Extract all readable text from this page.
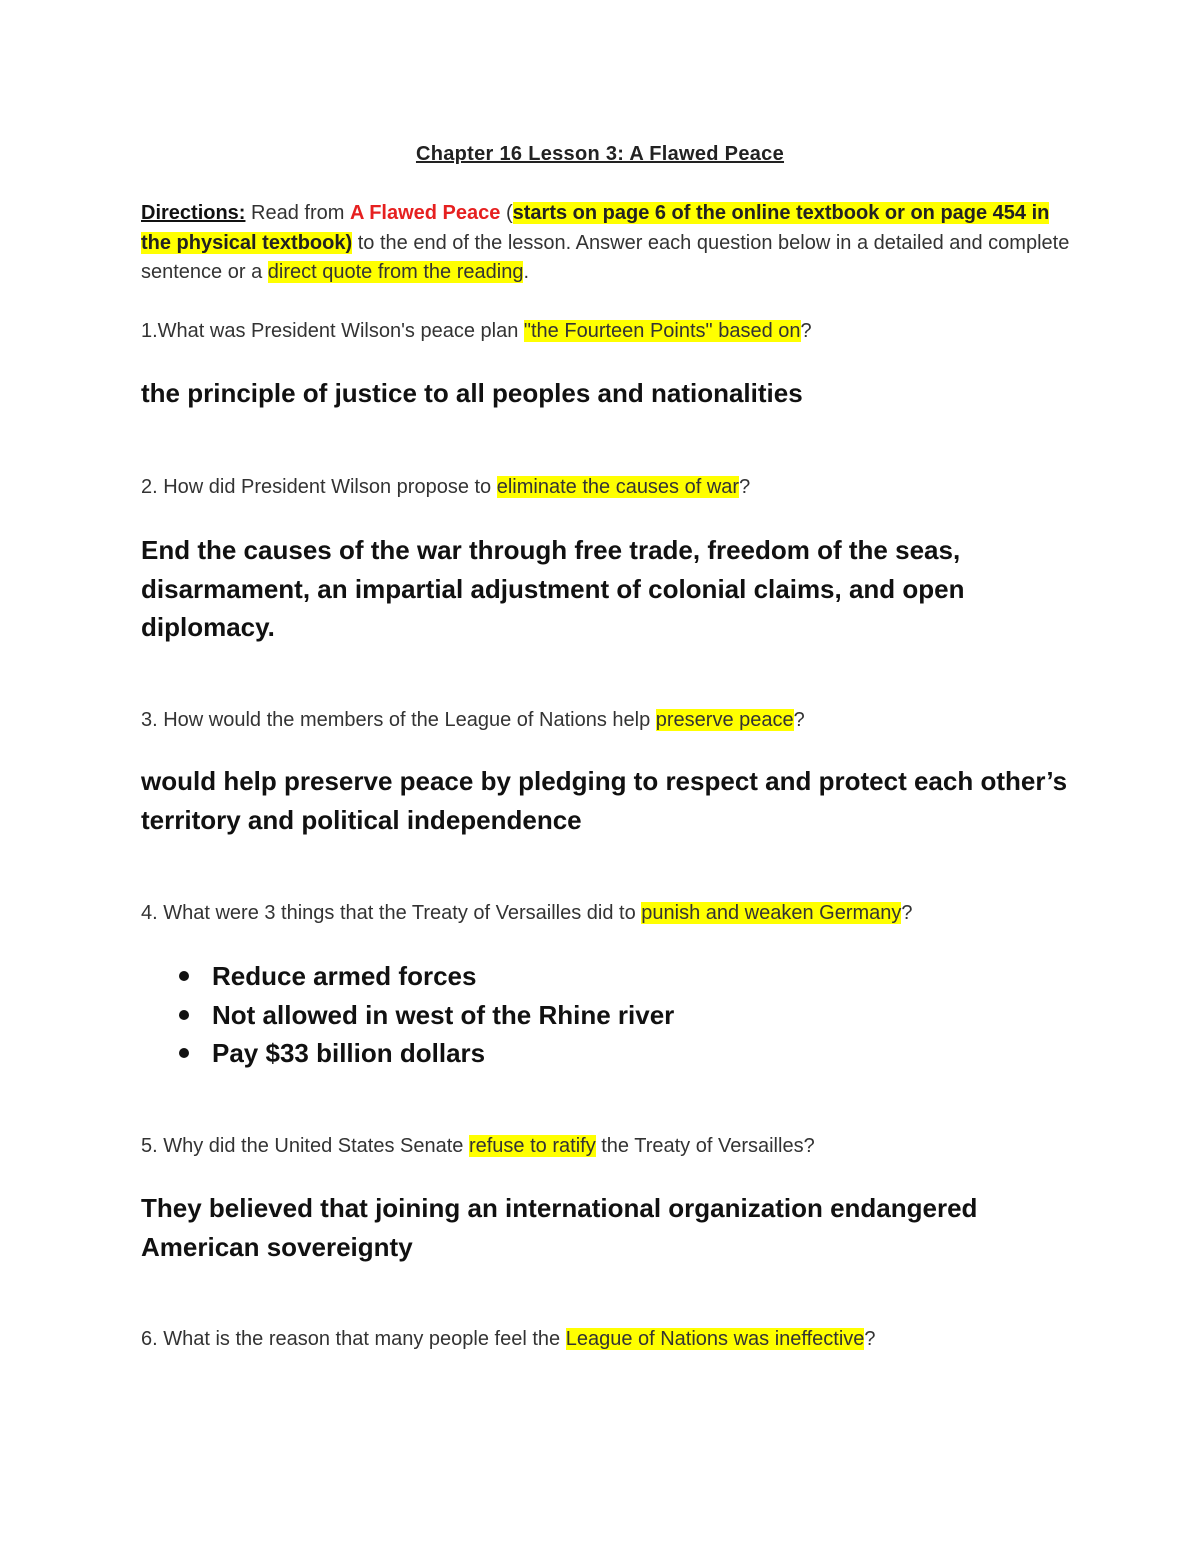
Chapter 16 Lesson 3: A Flawed Peace
Directions: Read from A Flawed Peace (starts on page 6 of the online textbook or on page 454 in the physical textbook) to the end of the lesson. Answer each question below in a detailed and complete sentence or a direct quote from the reading.
1.What was President Wilson's peace plan "the Fourteen Points" based on?
the principle of justice to all peoples and nationalities
2. How did President Wilson propose to eliminate the causes of war?
End the causes of the war through free trade, freedom of the seas, disarmament, an impartial adjustment of colonial claims, and open diplomacy.
3. How would the members of the League of Nations help preserve peace?
would help preserve peace by pledging to respect and protect each other’s territory and political independence
4. What were 3 things that the Treaty of Versailles did to punish and weaken Germany?
Reduce armed forces
Not allowed in west of the Rhine river
Pay $33 billion dollars
5. Why did the United States Senate refuse to ratify the Treaty of Versailles?
They believed that joining an international organization endangered American sovereignty
6. What is the reason that many people feel the League of Nations was ineffective?
